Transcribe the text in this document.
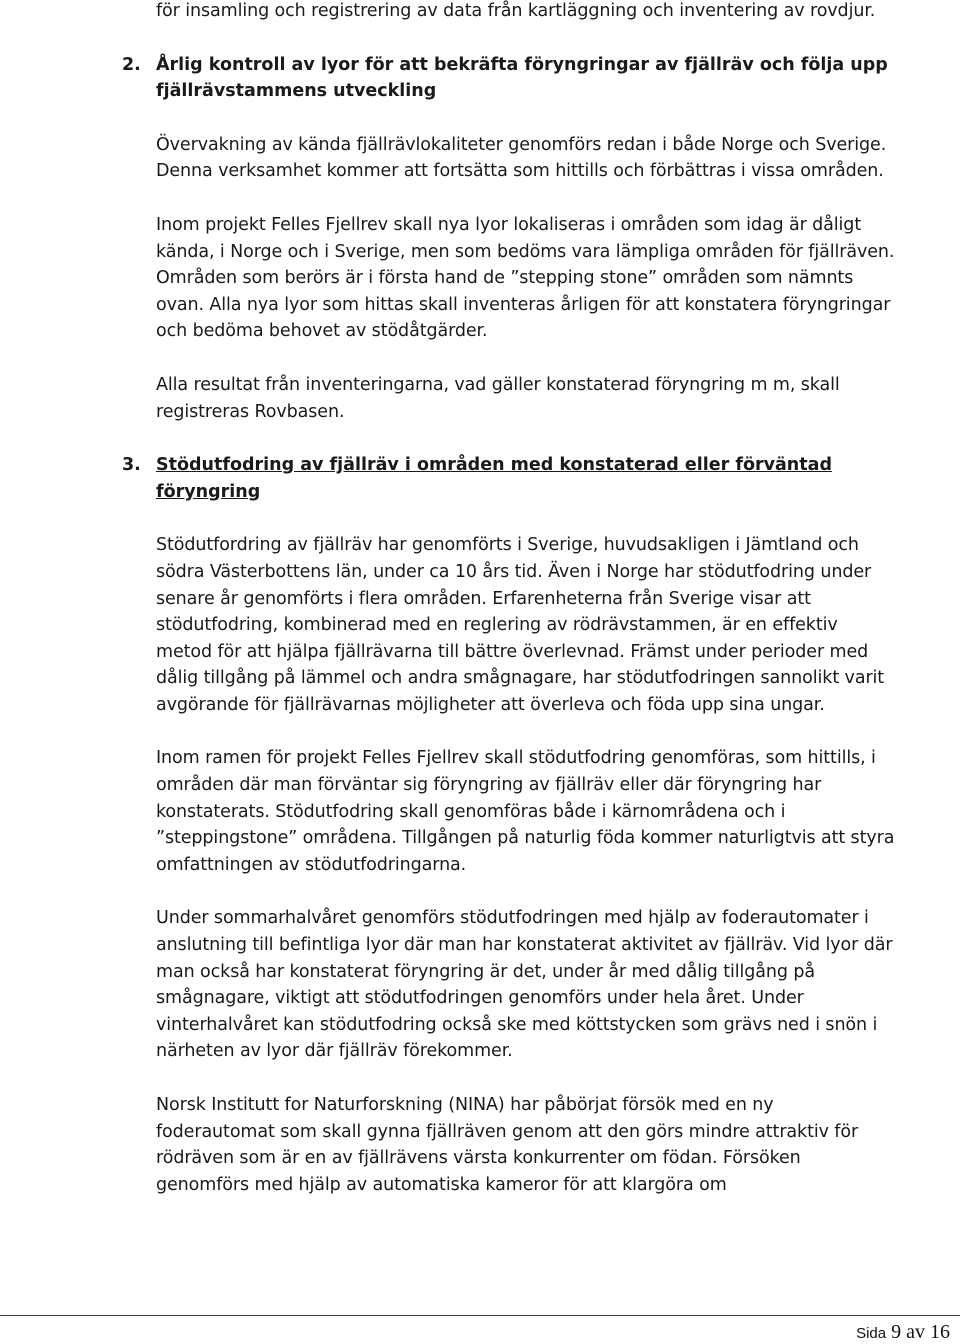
för insamling och registrering av data från kartläggning och inventering av rovdjur.

2. Årlig kontroll av lyor för att bekräfta föryngringar av fjällräv och följa upp fjällrävstammens utveckling

Övervakning av kända fjällrävlokaliteter genomförs redan i både Norge och Sverige. Denna verksamhet kommer att fortsätta som hittills och förbättras i vissa områden.

Inom projekt Felles Fjellrev skall nya lyor lokaliseras i områden som idag är dåligt kända, i Norge och i Sverige, men som bedöms vara lämpliga områden för fjällräven. Områden som berörs är i första hand de ”stepping stone” områden som nämnts ovan. Alla nya lyor som hittas skall inventeras årligen för att konstatera föryngringar och bedöma behovet av stödåtgärder.

Alla resultat från inventeringarna, vad gäller konstaterad föryngring m m, skall registreras Rovbasen.

3. Stödutfodring av fjällräv i områden med konstaterad eller förväntad föryngring

Stödutfordring av fjällräv har genomförts i Sverige, huvudsakligen i Jämtland och södra Västerbottens län, under ca 10 års tid. Även i Norge har stödutfodring under senare år genomförts i flera områden. Erfarenheterna från Sverige visar att stödutfodring, kombinerad med en reglering av rödrävstammen, är en effektiv metod för att hjälpa fjällrävarna till bättre överlevnad. Främst under perioder med dålig tillgång på lämmel och andra smågnagare, har stödutfodringen sannolikt varit avgörande för fjällrävarnas möjligheter att överleva och föda upp sina ungar.

Inom ramen för projekt Felles Fjellrev skall stödutfodring genomföras, som hittills, i områden där man förväntar sig föryngring av fjällräv eller där föryngring har konstaterats. Stödutfodring skall genomföras både i kärnområdena och i ”steppingstone” områdena. Tillgången på naturlig föda kommer naturligtvis att styra omfattningen av stödutfodringarna.

Under sommarhalvåret genomförs stödutfodringen med hjälp av foderautomater i anslutning till befintliga lyor där man har konstaterat aktivitet av fjällräv. Vid lyor där man också har konstaterat föryngring är det, under år med dålig tillgång på smågnagare, viktigt att stödutfodringen genomförs under hela året. Under vinterhalvåret kan stödutfodring också ske med köttstycken som grävs ned i snön i närheten av lyor där fjällräv förekommer.

Norsk Institutt for Naturforskning (NINA) har påbörjat försök med en ny foderautomat som skall gynna fjällräven genom att den görs mindre attraktiv för rödräven som är en av fjällrävens värsta konkurrenter om födan. Försöken genomförs med hjälp av automatiska kameror för att klargöra om

Sida 9 av 16
